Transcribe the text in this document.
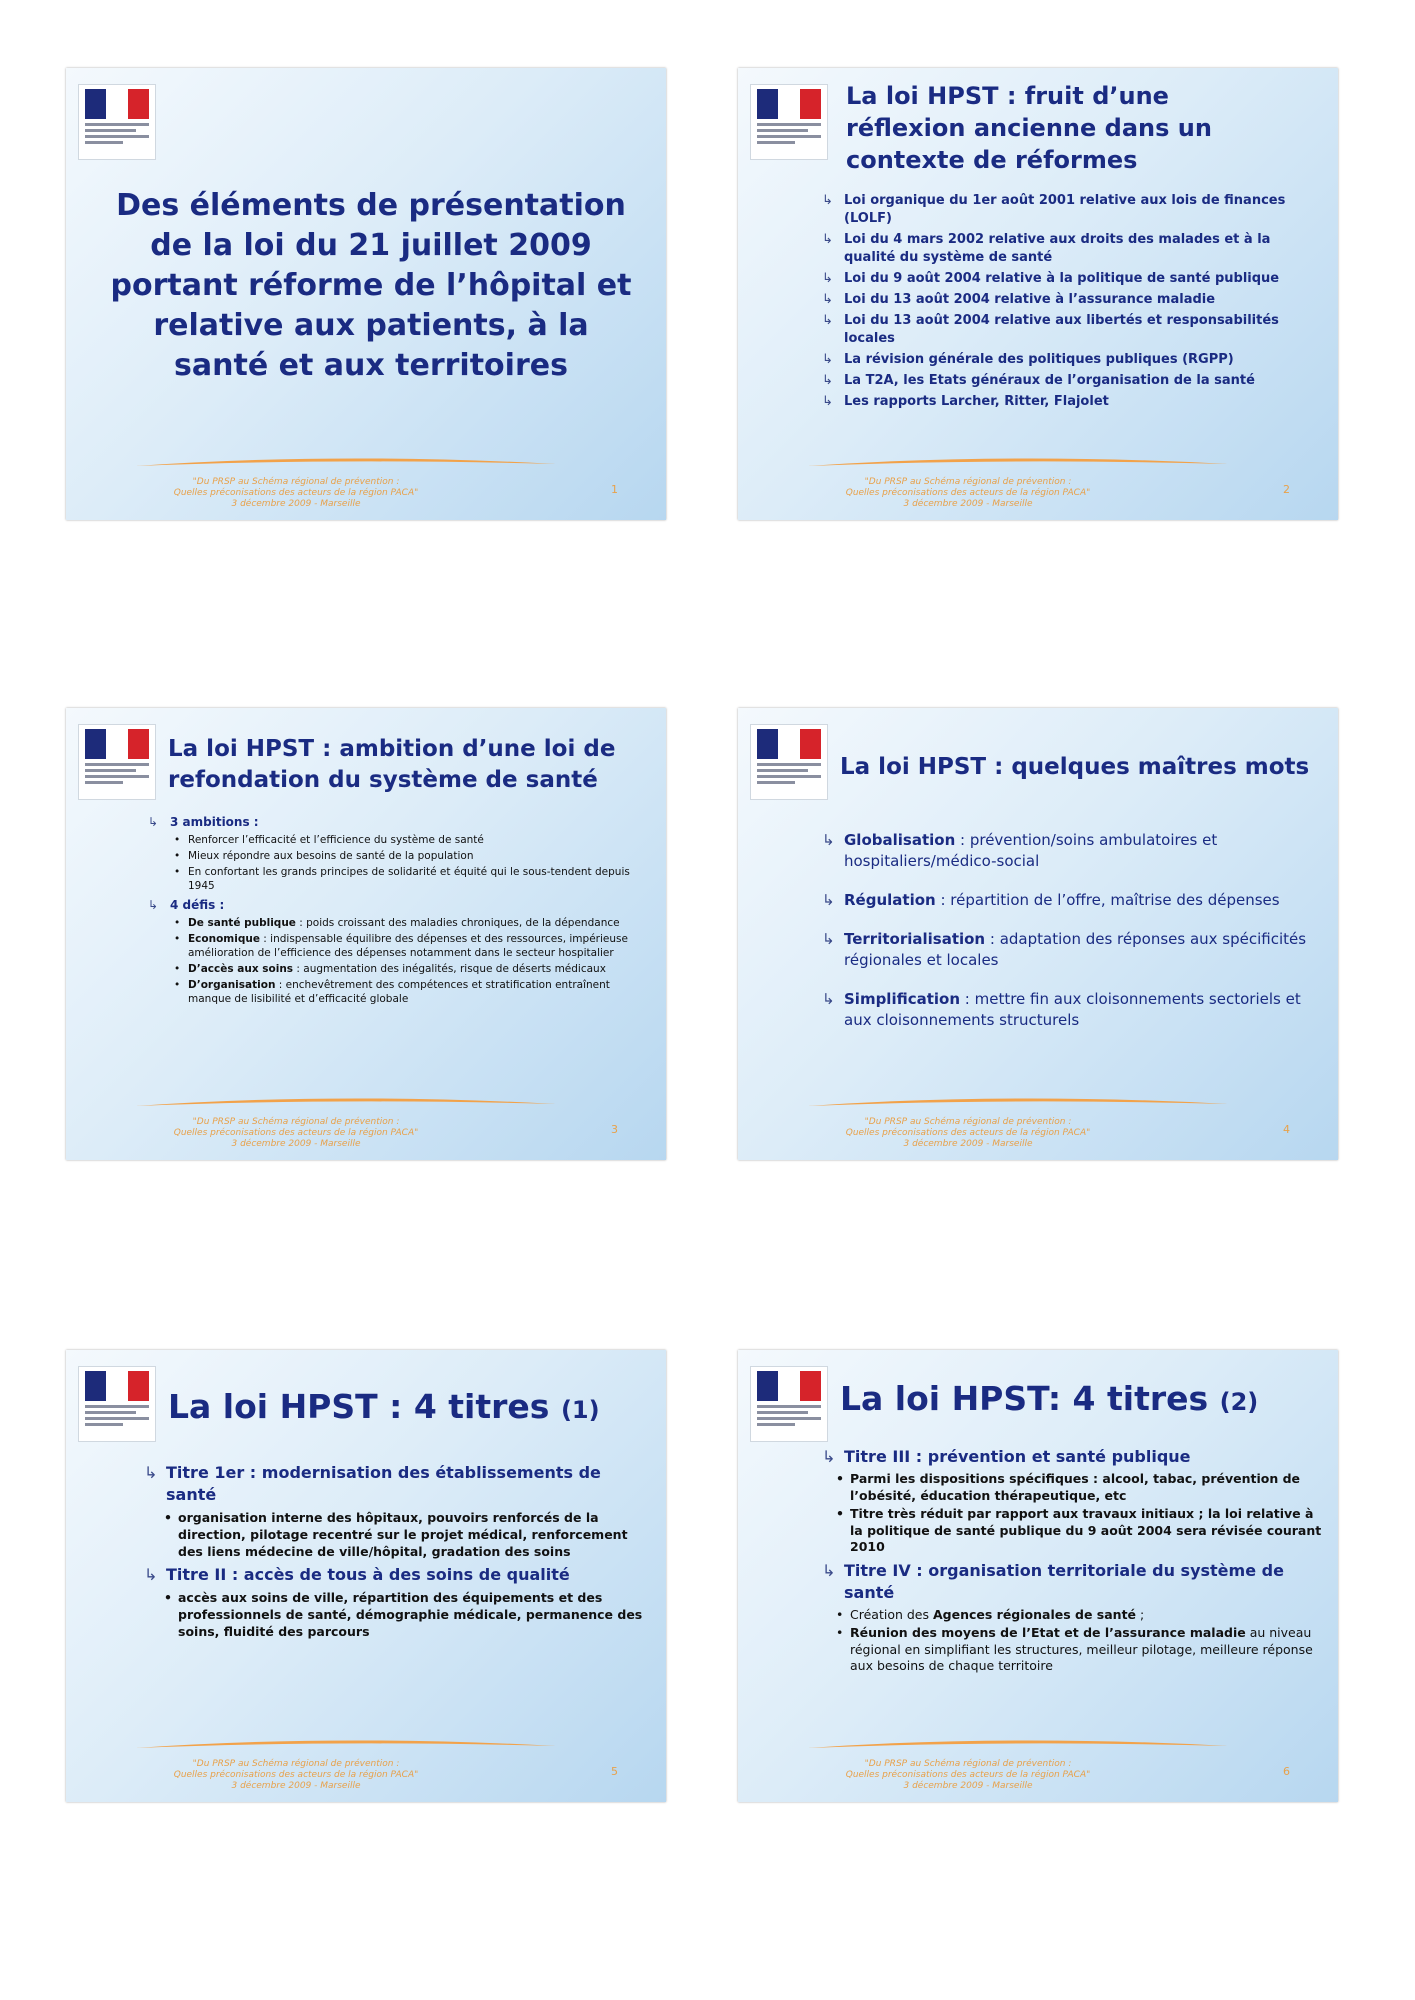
Des éléments de présentation de la loi du 21 juillet 2009 portant réforme de l’hôpital et relative aux patients, à la santé et aux territoires
"Du PRSP au Schéma régional de prévention :
Quelles préconisations des acteurs de la région PACA"
3 décembre 2009 - Marseille
1
La loi HPST : fruit d’une réflexion ancienne dans un contexte de réformes
↳ Loi organique du 1er août 2001 relative aux lois de finances (LOLF)
↳ Loi du 4 mars 2002 relative aux droits des malades et à la qualité du système de santé
↳ Loi du 9 août 2004 relative à la politique de santé publique
↳ Loi du 13 août 2004 relative à l’assurance maladie
↳ Loi du 13 août 2004 relative aux libertés et responsabilités locales
↳ La révision générale des politiques publiques (RGPP)
↳ La T2A, les Etats généraux de l’organisation de la santé
↳ Les rapports Larcher, Ritter, Flajolet
"Du PRSP au Schéma régional de prévention :
Quelles préconisations des acteurs de la région PACA"
3 décembre 2009 - Marseille
2
La loi HPST : ambition d’une loi de refondation du système de santé
↳ 3 ambitions :
• Renforcer l’efficacité et l’efficience du système de santé
• Mieux répondre aux besoins de santé de la population
• En confortant les grands principes de solidarité et équité qui le sous-tendent depuis 1945
↳ 4 défis :
• De santé publique : poids croissant des maladies chroniques, de la dépendance
• Economique : indispensable équilibre des dépenses et des ressources, impérieuse amélioration de l’efficience des dépenses notamment dans le secteur hospitalier
• D’accès aux soins : augmentation des inégalités, risque de déserts médicaux
• D’organisation : enchevêtrement des compétences et stratification entraînent manque de lisibilité et d’efficacité globale
"Du PRSP au Schéma régional de prévention :
Quelles préconisations des acteurs de la région PACA"
3 décembre 2009 - Marseille
3
La loi HPST : quelques maîtres mots
↳ Globalisation : prévention/soins ambulatoires et hospitaliers/médico-social
↳ Régulation : répartition de l’offre, maîtrise des dépenses
↳ Territorialisation : adaptation des réponses aux spécificités régionales et locales
↳ Simplification : mettre fin aux cloisonnements sectoriels et aux cloisonnements structurels
"Du PRSP au Schéma régional de prévention :
Quelles préconisations des acteurs de la région PACA"
3 décembre 2009 - Marseille
4
La loi HPST : 4 titres (1)
↳ Titre 1er : modernisation des établissements de santé
• organisation interne des hôpitaux, pouvoirs renforcés de la direction, pilotage recentré sur le projet médical, renforcement des liens médecine de ville/hôpital, gradation des soins
↳ Titre II : accès de tous à des soins de qualité
• accès aux soins de ville, répartition des équipements et des professionnels de santé, démographie médicale, permanence des soins, fluidité des parcours
"Du PRSP au Schéma régional de prévention :
Quelles préconisations des acteurs de la région PACA"
3 décembre 2009 - Marseille
5
La loi HPST: 4 titres (2)
↳ Titre III : prévention et santé publique
• Parmi les dispositions spécifiques : alcool, tabac, prévention de l’obésité, éducation thérapeutique, etc
• Titre très réduit par rapport aux travaux initiaux ; la loi relative à la politique de santé publique du 9 août 2004 sera révisée courant 2010
↳ Titre IV : organisation territoriale du système de santé
• Création des Agences régionales de santé ;
• Réunion des moyens de l’Etat et de l’assurance maladie au niveau régional en simplifiant les structures, meilleur pilotage, meilleure réponse aux besoins de chaque territoire
"Du PRSP au Schéma régional de prévention :
Quelles préconisations des acteurs de la région PACA"
3 décembre 2009 - Marseille
6
